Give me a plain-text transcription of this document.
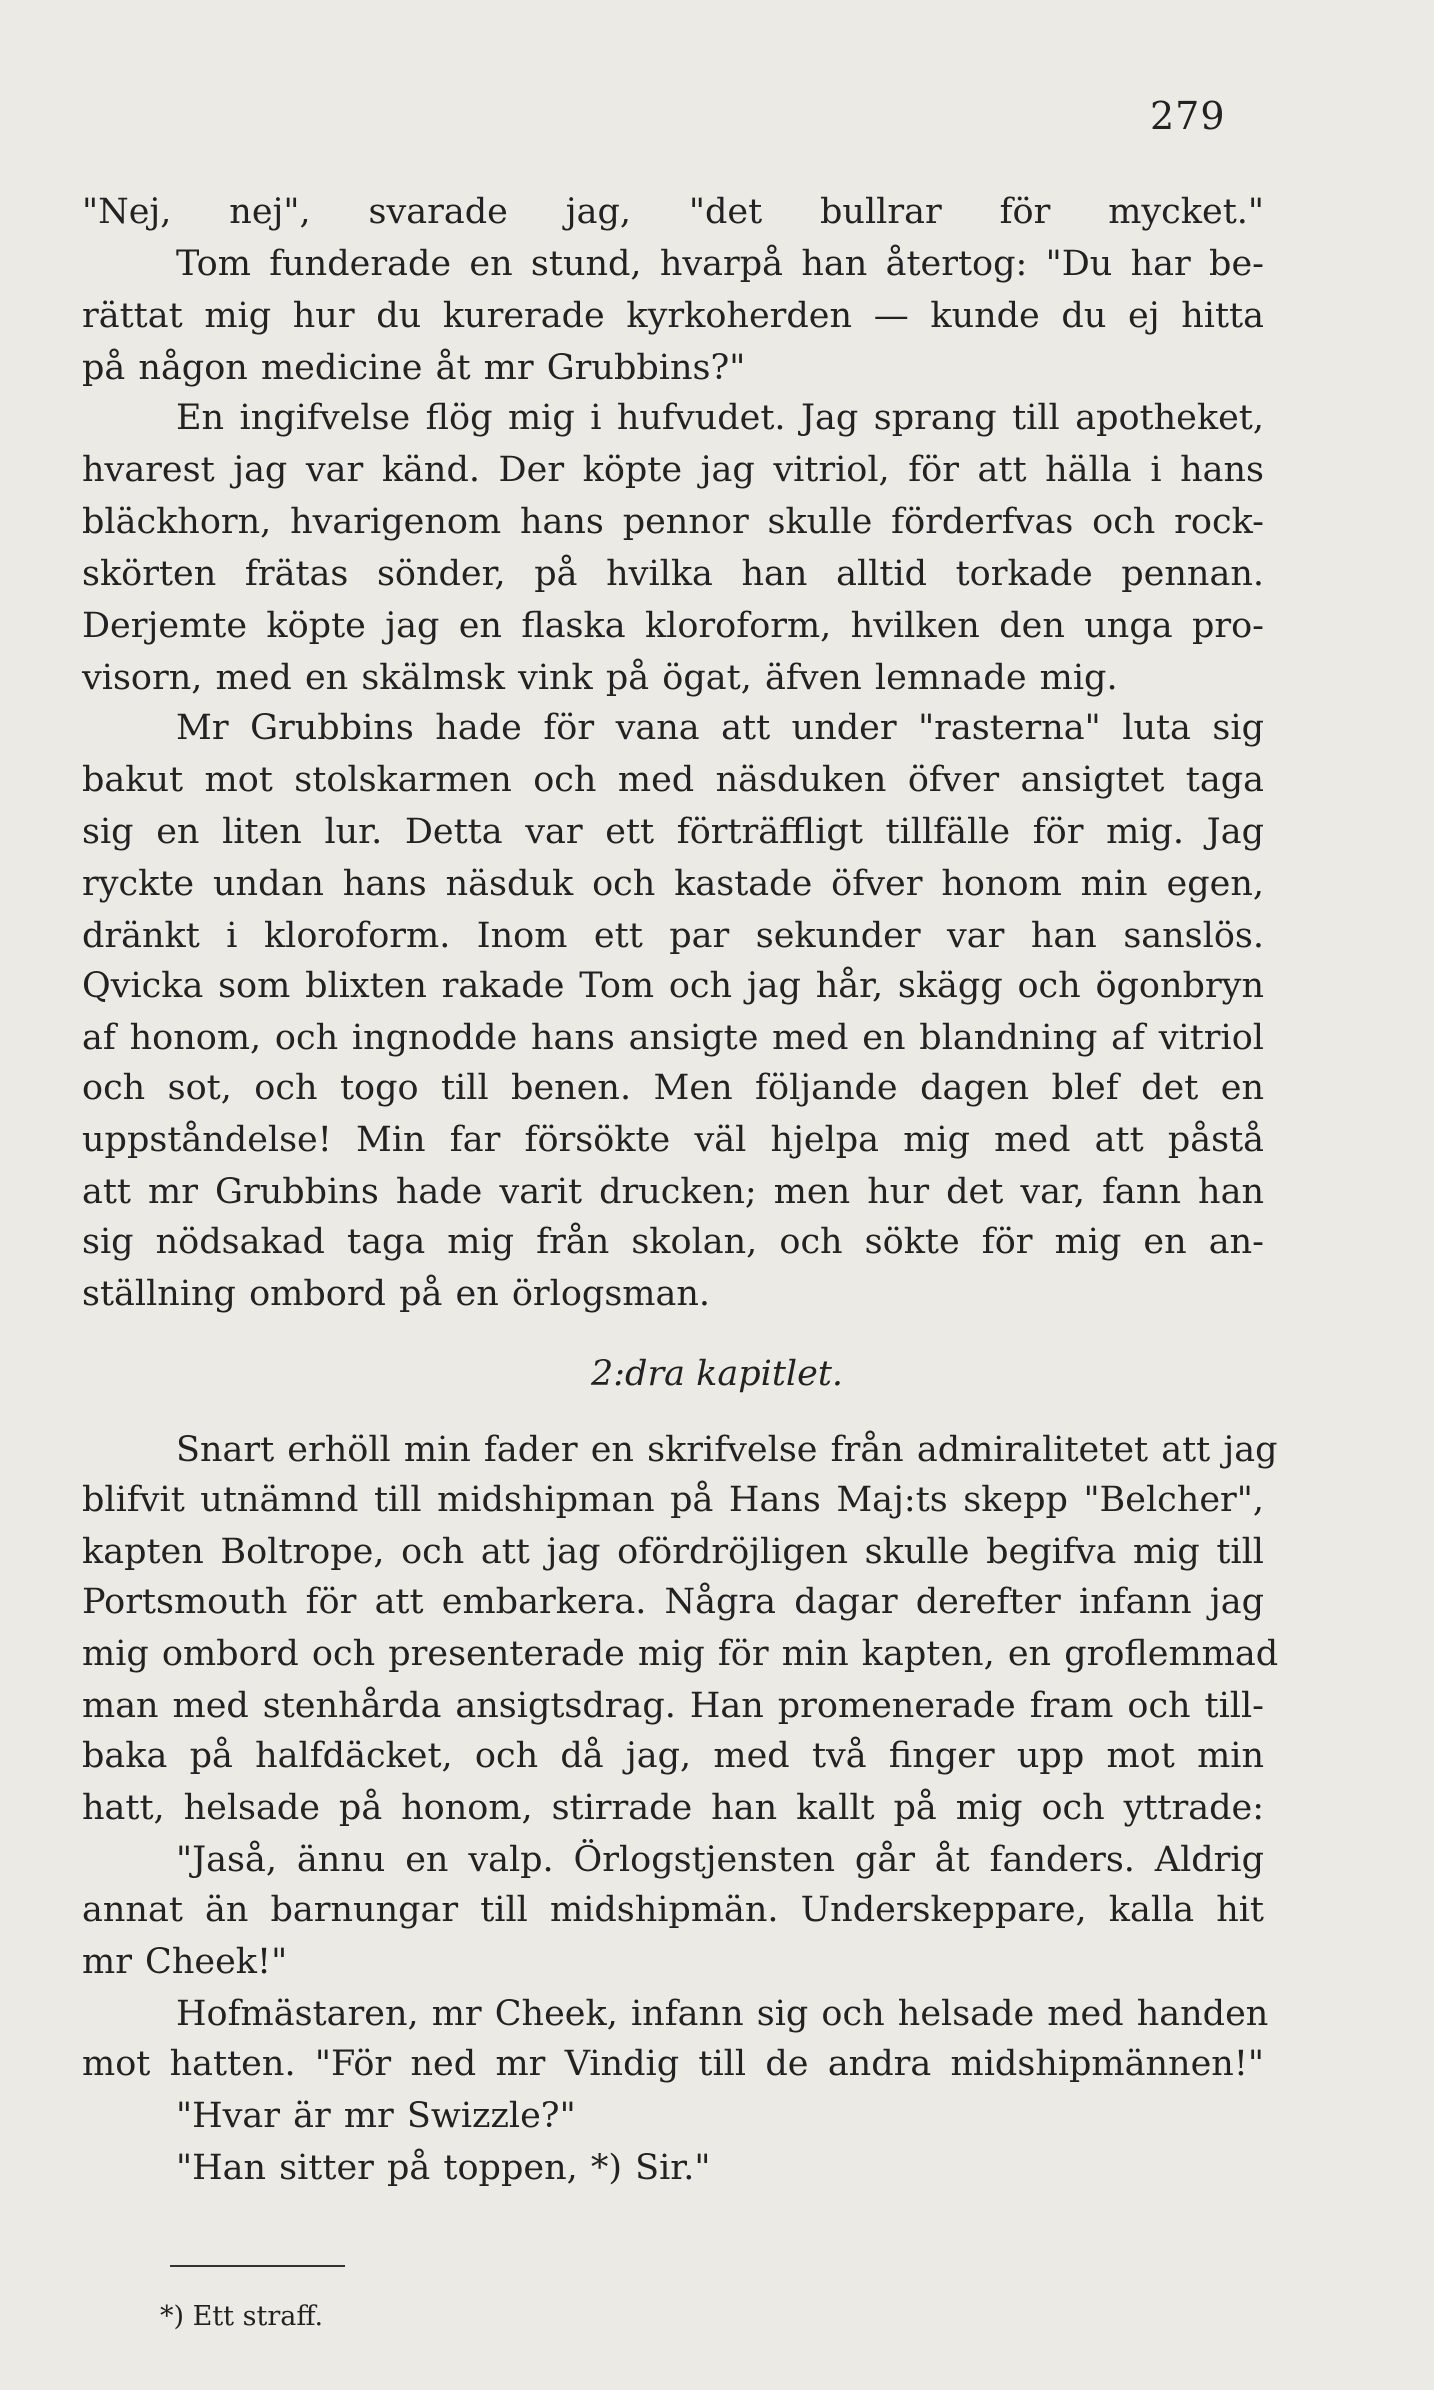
279
"Nej, nej", svarade jag, "det bullrar för mycket."
Tom funderade en stund, hvarpå han återtog: "Du har be-
rättat mig hur du kurerade kyrkoherden — kunde du ej hitta
på någon medicine åt mr Grubbins?"
En ingifvelse flög mig i hufvudet. Jag sprang till apotheket,
hvarest jag var känd. Der köpte jag vitriol, för att hälla i hans
bläckhorn, hvarigenom hans pennor skulle förderfvas och rock-
skörten frätas sönder, på hvilka han alltid torkade pennan.
Derjemte köpte jag en flaska kloroform, hvilken den unga pro-
visorn, med en skälmsk vink på ögat, äfven lemnade mig.
Mr Grubbins hade för vana att under "rasterna" luta sig
bakut mot stolskarmen och med näsduken öfver ansigtet taga
sig en liten lur. Detta var ett förträffligt tillfälle för mig. Jag
ryckte undan hans näsduk och kastade öfver honom min egen,
dränkt i kloroform. Inom ett par sekunder var han sanslös.
Qvicka som blixten rakade Tom och jag hår, skägg och ögonbryn
af honom, och ingnodde hans ansigte med en blandning af vitriol
och sot, och togo till benen. Men följande dagen blef det en
uppståndelse! Min far försökte väl hjelpa mig med att påstå
att mr Grubbins hade varit drucken; men hur det var, fann han
sig nödsakad taga mig från skolan, och sökte för mig en an-
ställning ombord på en örlogsman.
2:dra kapitlet.
Snart erhöll min fader en skrifvelse från admiralitetet att jag
blifvit utnämnd till midshipman på Hans Maj:ts skepp "Belcher",
kapten Boltrope, och att jag ofördröjligen skulle begifva mig till
Portsmouth för att embarkera. Några dagar derefter infann jag
mig ombord och presenterade mig för min kapten, en groflemmad
man med stenhårda ansigtsdrag. Han promenerade fram och till-
baka på halfdäcket, och då jag, med två finger upp mot min
hatt, helsade på honom, stirrade han kallt på mig och yttrade:
"Jaså, ännu en valp. Örlogstjensten går åt fanders. Aldrig
annat än barnungar till midshipmän. Underskeppare, kalla hit
mr Cheek!"
Hofmästaren, mr Cheek, infann sig och helsade med handen
mot hatten. "För ned mr Vindig till de andra midshipmännen!"
"Hvar är mr Swizzle?"
"Han sitter på toppen, *) Sir."
*) Ett straff.
